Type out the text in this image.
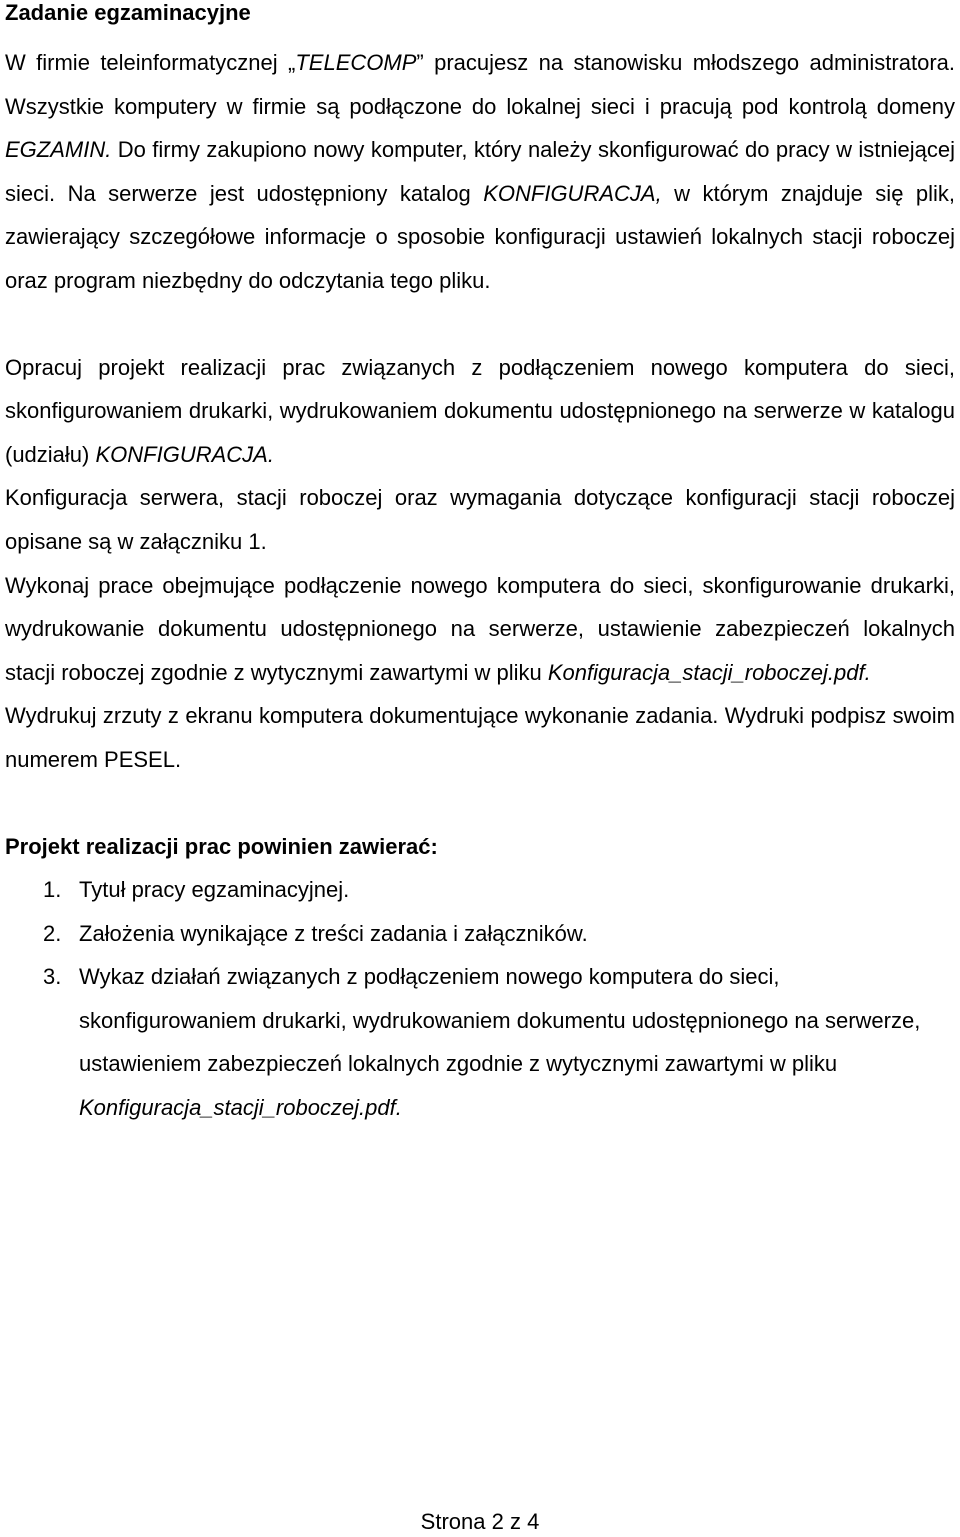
Zadanie egzaminacyjne

W firmie teleinformatycznej „TELECOMP” pracujesz na stanowisku młodszego administratora. Wszystkie komputery w firmie są podłączone do lokalnej sieci i pracują pod kontrolą domeny EGZAMIN. Do firmy zakupiono nowy komputer, który należy skonfigurować do pracy w istniejącej sieci. Na serwerze jest udostępniony katalog KONFIGURACJA, w którym znajduje się plik, zawierający szczegółowe informacje o sposobie konfiguracji ustawień lokalnych stacji roboczej oraz program niezbędny do odczytania tego pliku.

Opracuj projekt realizacji prac związanych z podłączeniem nowego komputera do sieci, skonfigurowaniem drukarki, wydrukowaniem dokumentu udostępnionego na serwerze w katalogu (udziału) KONFIGURACJA.

Konfiguracja serwera, stacji roboczej oraz wymagania dotyczące konfiguracji stacji roboczej opisane są w załączniku 1.

Wykonaj prace obejmujące podłączenie nowego komputera do sieci, skonfigurowanie drukarki, wydrukowanie dokumentu udostępnionego na serwerze, ustawienie zabezpieczeń lokalnych stacji roboczej zgodnie z wytycznymi zawartymi w pliku Konfiguracja_stacji_roboczej.pdf.

Wydrukuj zrzuty z ekranu komputera dokumentujące wykonanie zadania. Wydruki podpisz swoim numerem PESEL.

Projekt realizacji prac powinien zawierać:

1. Tytuł pracy egzaminacyjnej.
2. Założenia wynikające z treści zadania i załączników.
3. Wykaz działań związanych z podłączeniem nowego komputera do sieci, skonfigurowaniem drukarki, wydrukowaniem dokumentu udostępnionego na serwerze, ustawieniem zabezpieczeń lokalnych zgodnie z wytycznymi zawartymi w pliku Konfiguracja_stacji_roboczej.pdf.
Strona 2 z 4
